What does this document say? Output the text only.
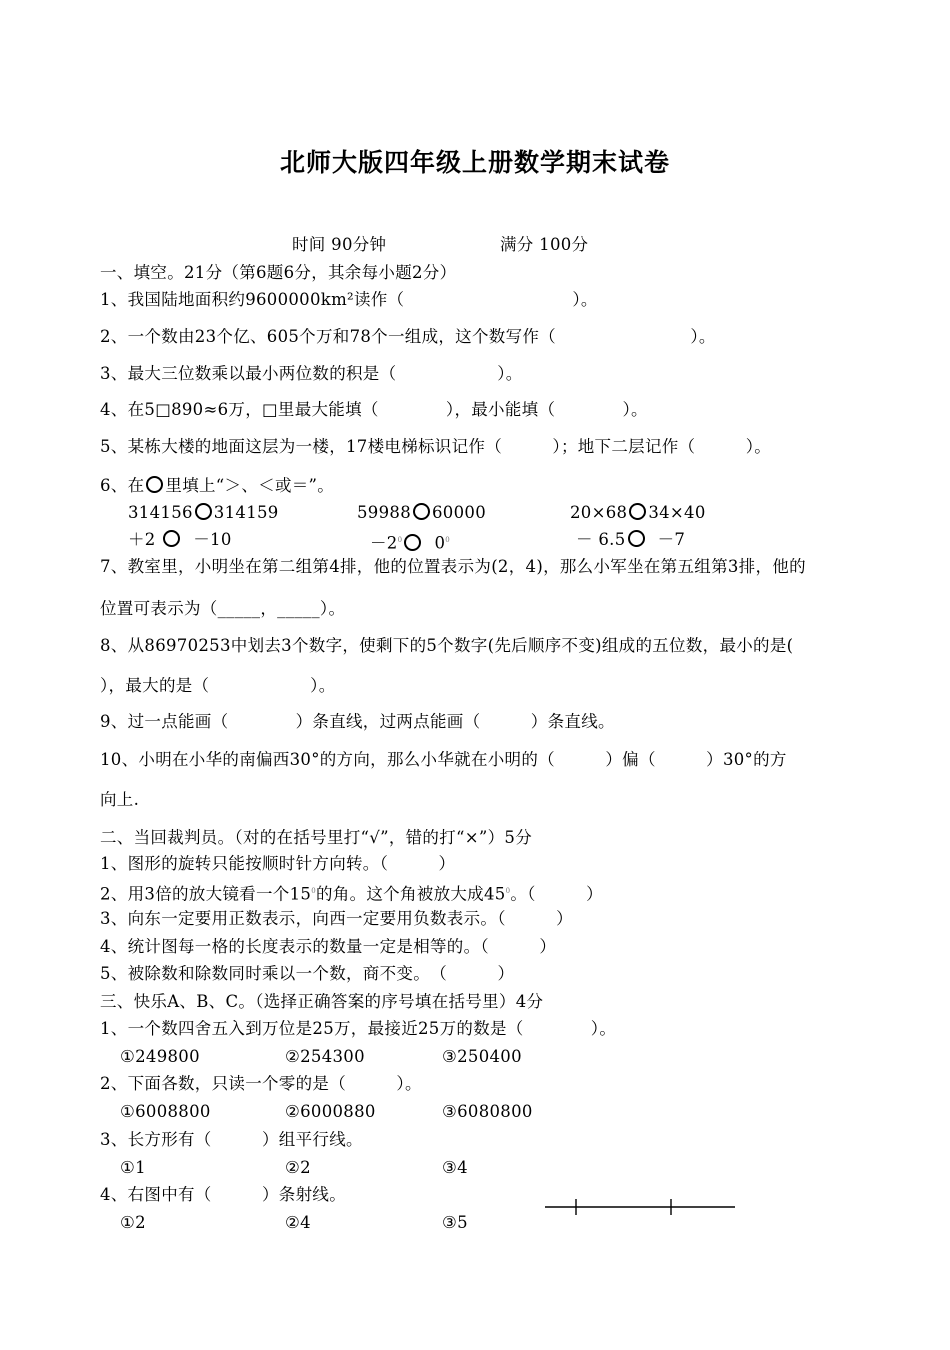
北师大版四年级上册数学期末试卷
时间 90分钟	满分 100分
一、填空。21分（第6题6分，其余每小题2分）
1、我国陆地面积约9600000km²读作（　　　　　　　　　　）。
2、一个数由23个亿、605个万和78个一组成，这个数写作（　　　　　　　　）。
3、最大三位数乘以最小两位数的积是（　　　　　　）。
4、在5□890≈6万，□里最大能填（　　　　），最小能填（　　　　）。
5、某栋大楼的地面这层为一楼，17楼电梯标识记作（　　　）；地下二层记作（　　　）。
6、在 里填上“＞、＜或＝”。
314156 314159	59988 60000	20×68 34×40
＋2 －10	$-2^0$ $0^0$	－ 6.5 －7
7、教室里，小明坐在第二组第4排，他的位置表示为(2，4)，那么小军坐在第五组第3排，他的
位置可表示为（_____，_____）。
8、从86970253中划去3个数字，使剩下的5个数字(先后顺序不变)组成的五位数，最小的是(
），最大的是（　　　　　　）。
9、过一点能画（　　　　）条直线，过两点能画（　　　）条直线。
10、小明在小华的南偏西30°的方向，那么小华就在小明的（　　　）偏（　　　）30°的方
向上.
二、当回裁判员。（对的在括号里打“√”，错的打“×”）5分
1、图形的旋转只能按顺时针方向转。（　　　）
2、用3倍的放大镜看一个$15^0$的角。这个角被放大成$45^0$。（　　　）
3、向东一定要用正数表示，向西一定要用负数表示。（　　　）
4、统计图每一格的长度表示的数量一定是相等的。（　　　）
5、被除数和除数同时乘以一个数，商不变。　（　　　）
三、快乐A、B、C。（选择正确答案的序号填在括号里）4分
1、一个数四舍五入到万位是25万，最接近25万的数是（　　　　）。
①249800	②254300	③250400
2、下面各数，只读一个零的是（　　　）。
①6008800	②6000880	③6080800
3、长方形有（　　　）组平行线。
①1	②2	③4
4、右图中有（　　　）条射线。
①2	②4	③5
